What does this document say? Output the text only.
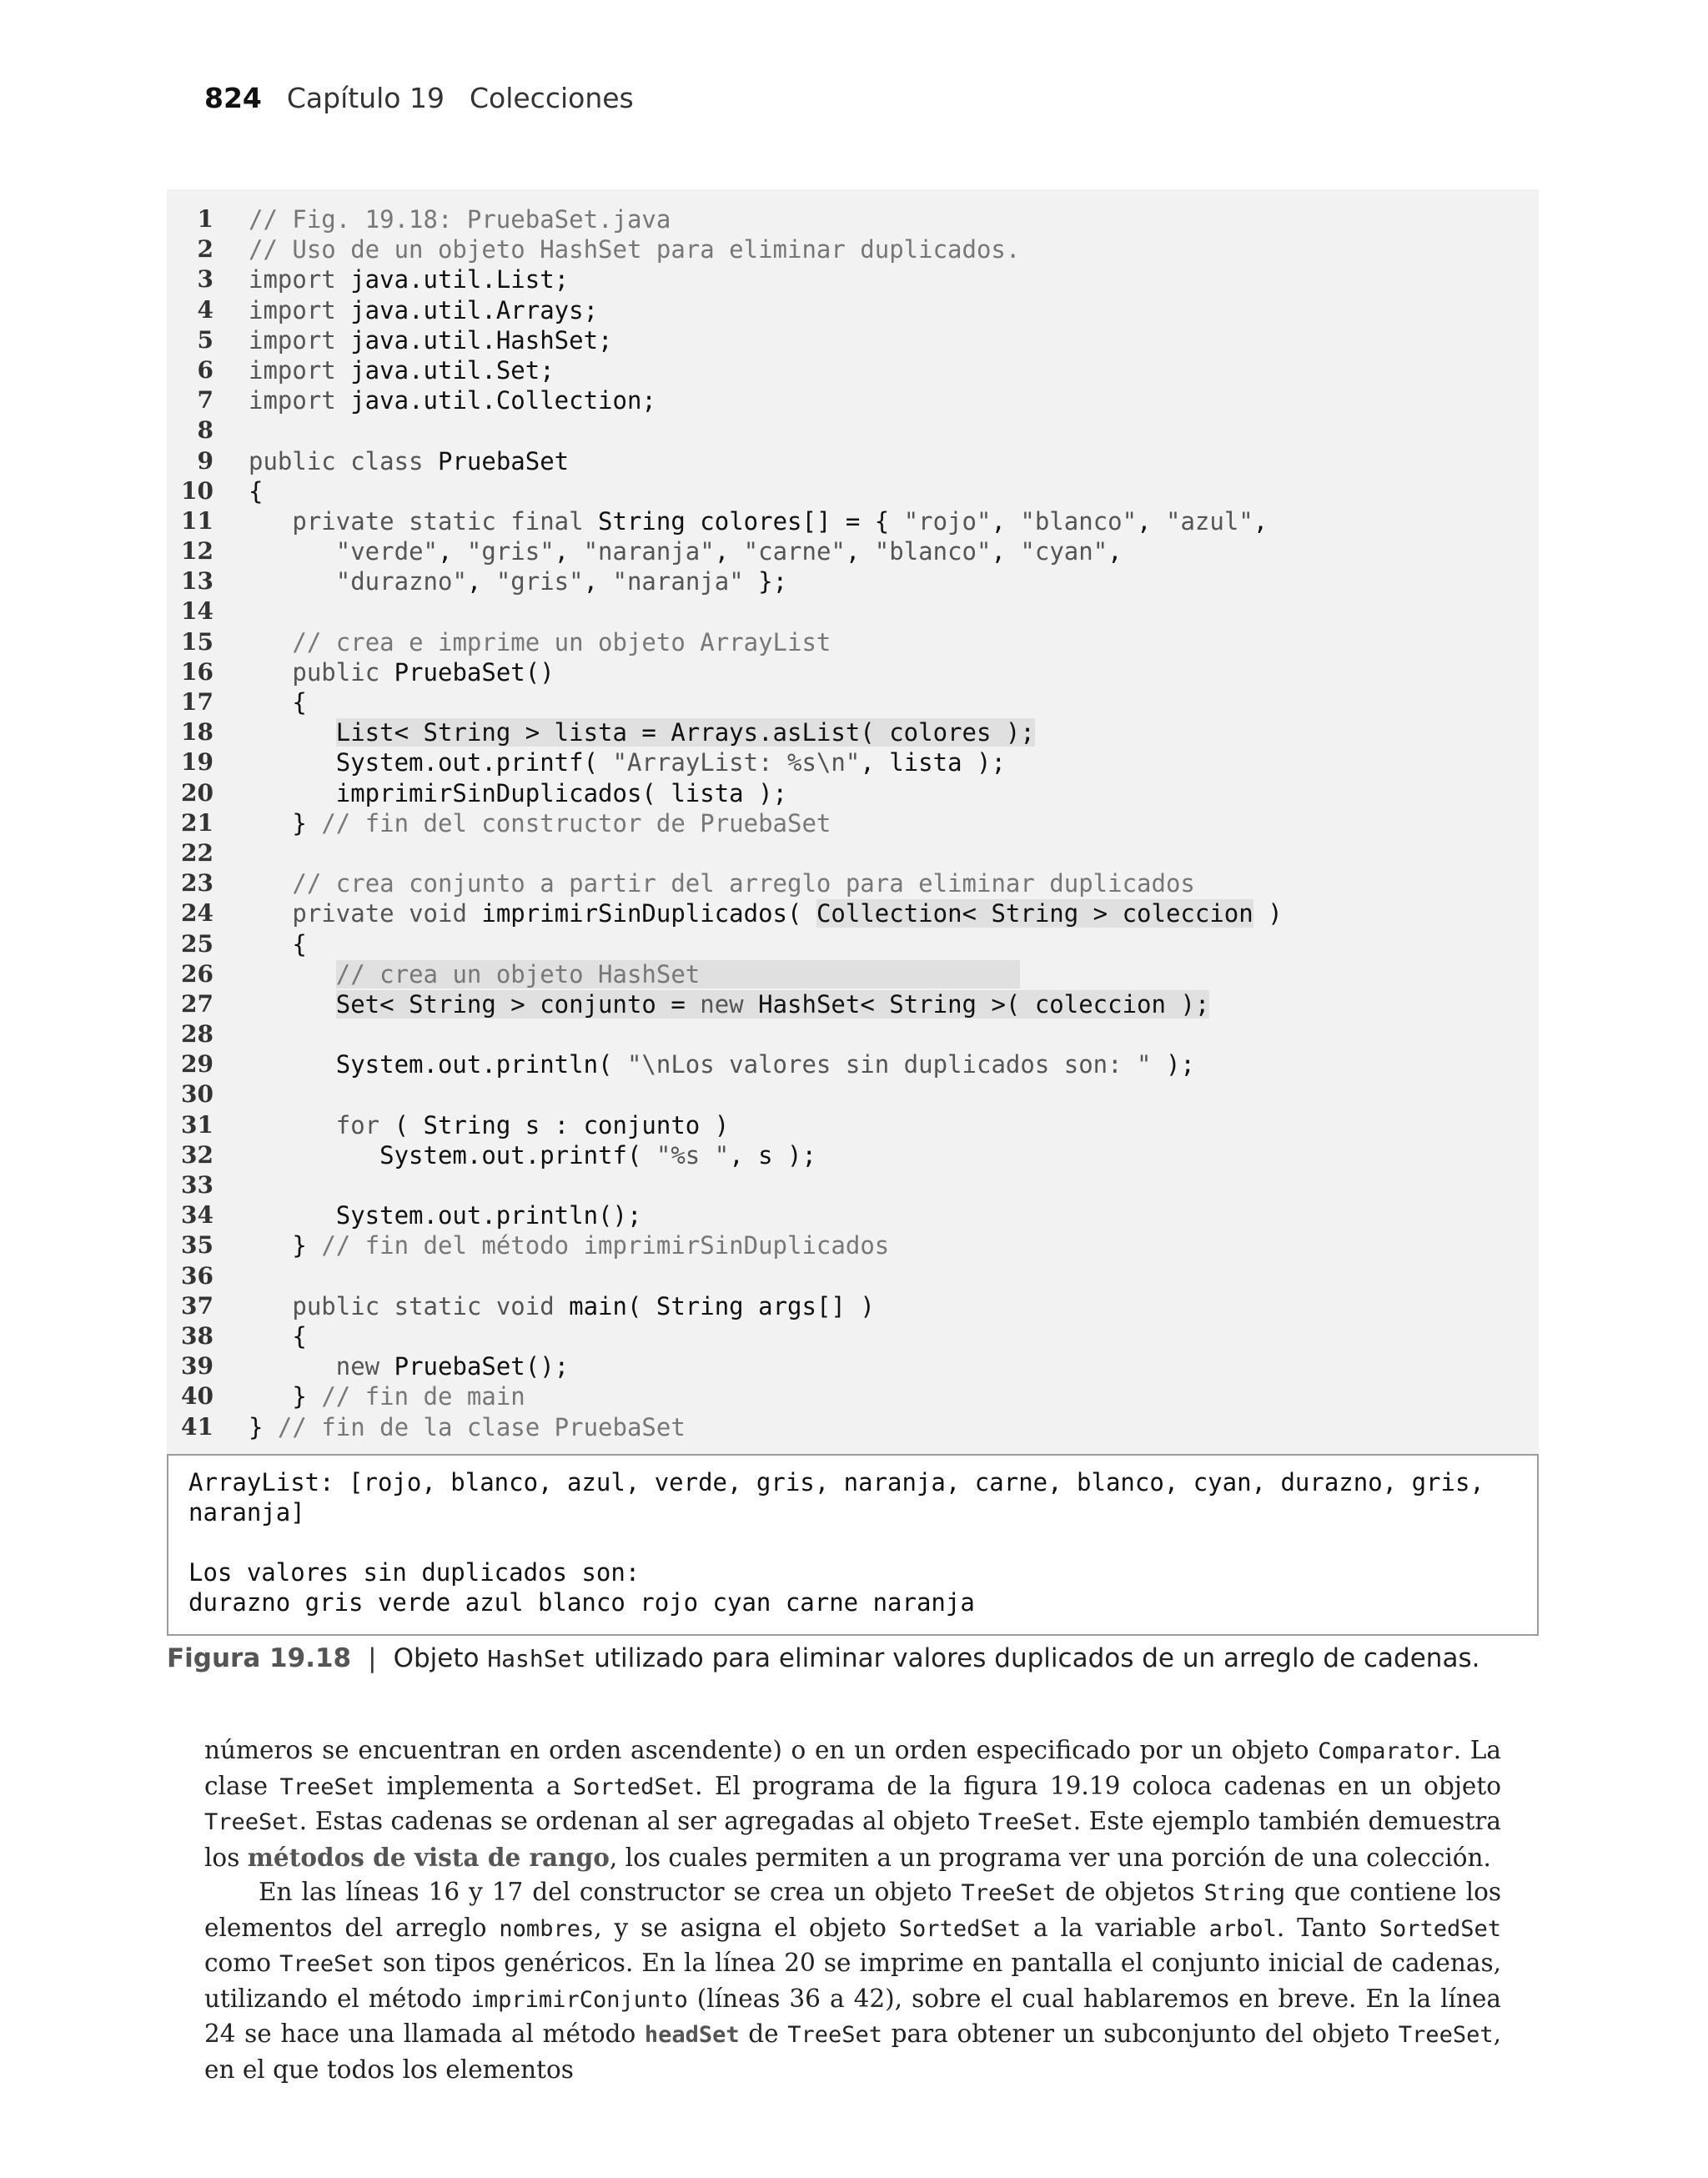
824 Capítulo 19 Colecciones
1 // Fig. 19.18: PruebaSet.java
2 // Uso de un objeto HashSet para eliminar duplicados.
3 import java.util.List;
4 import java.util.Arrays;
5 import java.util.HashSet;
6 import java.util.Set;
7 import java.util.Collection;
8
9 public class PruebaSet
10 {
11	private static final String colores[] = { "rojo", "blanco", "azul",
12	"verde", "gris", "naranja", "carne", "blanco", "cyan",
13	"durazno", "gris", "naranja" };
14
15	// crea e imprime un objeto ArrayList
16	public PruebaSet()
17 {
18	List< String > lista = Arrays.asList( colores );
19 System.out.printf( "ArrayList: %s\n", lista );
20 imprimirSinDuplicados( lista );
21 } // fin del constructor de PruebaSet
22
23	// crea conjunto a partir del arreglo para eliminar duplicados
24	private void imprimirSinDuplicados( Collection< String > coleccion )
25 {
26	// crea un objeto HashSet
27	Set< String > conjunto = new HashSet< String >( coleccion );
28
29 System.out.println( "\nLos valores sin duplicados son: " );
30
31	for ( String s : conjunto )
32 System.out.printf( "%s ", s );
33
34 System.out.println();
35 } // fin del método imprimirSinDuplicados
36
37	public static void main( String args[] )
38 {
39	new PruebaSet();
40 } // fin de main
41 } // fin de la clase PruebaSet
ArrayList: [rojo, blanco, azul, verde, gris, naranja, carne, blanco, cyan, durazno, gris,
naranja]
Los valores sin duplicados son:
durazno gris verde azul blanco rojo cyan carne naranja
Figura 19.18 | Objeto HashSet utilizado para eliminar valores duplicados de un arreglo de cadenas.

números se encuentran en orden ascendente) o en un orden especificado por un objeto Comparator. La clase TreeSet implementa a SortedSet. El programa de la figura 19.19 coloca cadenas en un objeto TreeSet. Estas cadenas se ordenan al ser agregadas al objeto TreeSet. Este ejemplo también demuestra los métodos de vista de rango, los cuales permiten a un programa ver una porción de una colección.

En las líneas 16 y 17 del constructor se crea un objeto TreeSet de objetos String que contiene los elementos del arreglo nombres, y se asigna el objeto SortedSet a la variable arbol. Tanto SortedSet como TreeSet son tipos genéricos. En la línea 20 se imprime en pantalla el conjunto inicial de cadenas, utilizando el método imprimirConjunto (líneas 36 a 42), sobre el cual hablaremos en breve. En la línea 24 se hace una llamada al método headSet de TreeSet para obtener un subconjunto del objeto TreeSet, en el que todos los elementos
